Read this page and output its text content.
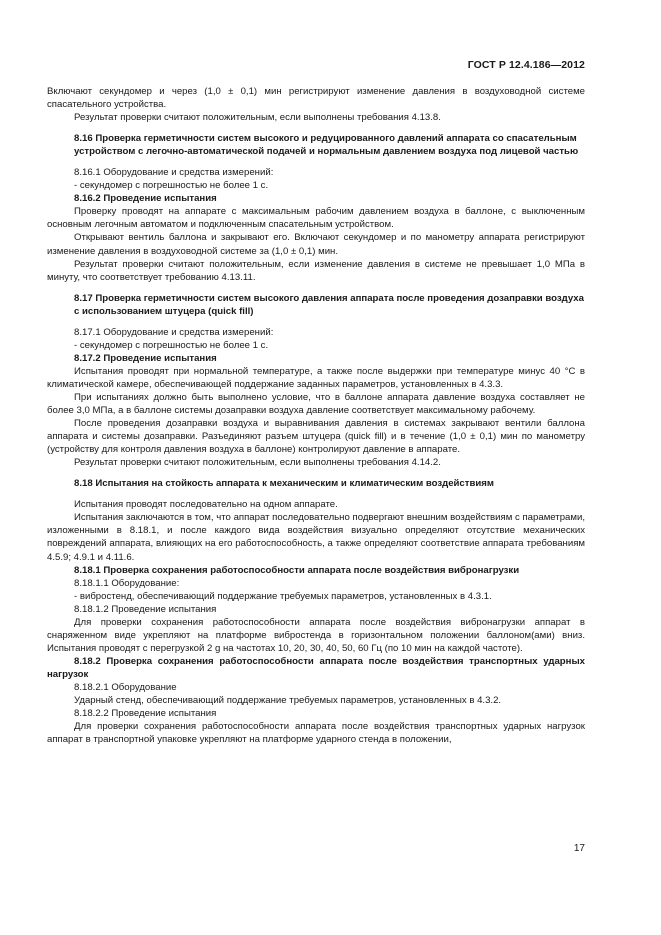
ГОСТ Р 12.4.186—2012

Включают секундомер и через (1,0 ± 0,1) мин регистрируют изменение давления в воздуховодной системе спасательного устройства.

Результат проверки считают положительным, если выполнены требования 4.13.8.

8.16 Проверка герметичности систем высокого и редуцированного давлений аппарата со спасательным устройством с легочно-автоматической подачей и нормальным давлением воздуха под лицевой частью

8.16.1 Оборудование и средства измерений:

- секундомер с погрешностью не более 1 с.

8.16.2 Проведение испытания

Проверку проводят на аппарате с максимальным рабочим давлением воздуха в баллоне, с выключенным основным легочным автоматом и подключенным спасательным устройством.

Открывают вентиль баллона и закрывают его. Включают секундомер и по манометру аппарата регистрируют изменение давления в воздуховодной системе за (1,0 ± 0,1) мин.

Результат проверки считают положительным, если изменение давления в системе не превышает 1,0 МПа в минуту, что соответствует требованию 4.13.11.

8.17 Проверка герметичности систем высокого давления аппарата после проведения дозаправки воздуха с использованием штуцера (quick fill)

8.17.1 Оборудование и средства измерений:

- секундомер с погрешностью не более 1 с.

8.17.2 Проведение испытания

Испытания проводят при нормальной температуре, а также после выдержки при температуре минус 40 °С в климатической камере, обеспечивающей поддержание заданных параметров, установленных в 4.3.3.

При испытаниях должно быть выполнено условие, что в баллоне аппарата давление воздуха составляет не более 3,0 МПа, а в баллоне системы дозаправки воздуха давление соответствует максимальному рабочему.

После проведения дозаправки воздуха и выравнивания давления в системах закрывают вентили баллона аппарата и системы дозаправки. Разъединяют разъем штуцера (quick fill) и в течение (1,0 ± 0,1) мин по манометру (устройству для контроля давления воздуха в баллоне) контролируют давление в аппарате.

Результат проверки считают положительным, если выполнены требования 4.14.2.

8.18 Испытания на стойкость аппарата к механическим и климатическим воздействиям

Испытания проводят последовательно на одном аппарате.

Испытания заключаются в том, что аппарат последовательно подвергают внешним воздействиям с параметрами, изложенными в 8.18.1, и после каждого вида воздействия визуально определяют отсутствие механических повреждений аппарата, влияющих на его работоспособность, а также определяют соответствие аппарата требованиям 4.5.9; 4.9.1 и 4.11.6.

8.18.1 Проверка сохранения работоспособности аппарата после воздействия вибронагрузки

8.18.1.1 Оборудование:

- вибростенд, обеспечивающий поддержание требуемых параметров, установленных в 4.3.1.

8.18.1.2 Проведение испытания

Для проверки сохранения работоспособности аппарата после воздействия вибронагрузки аппарат в снаряженном виде укрепляют на платформе вибростенда в горизонтальном положении баллоном(ами) вниз. Испытания проводят с перегрузкой 2 g на частотах 10, 20, 30, 40, 50, 60 Гц (по 10 мин на каждой частоте).

8.18.2 Проверка сохранения работоспособности аппарата после воздействия транспортных ударных нагрузок

8.18.2.1 Оборудование

Ударный стенд, обеспечивающий поддержание требуемых параметров, установленных в 4.3.2.

8.18.2.2 Проведение испытания

Для проверки сохранения работоспособности аппарата после воздействия транспортных ударных нагрузок аппарат в транспортной упаковке укрепляют на платформе ударного стенда в положении,

17
